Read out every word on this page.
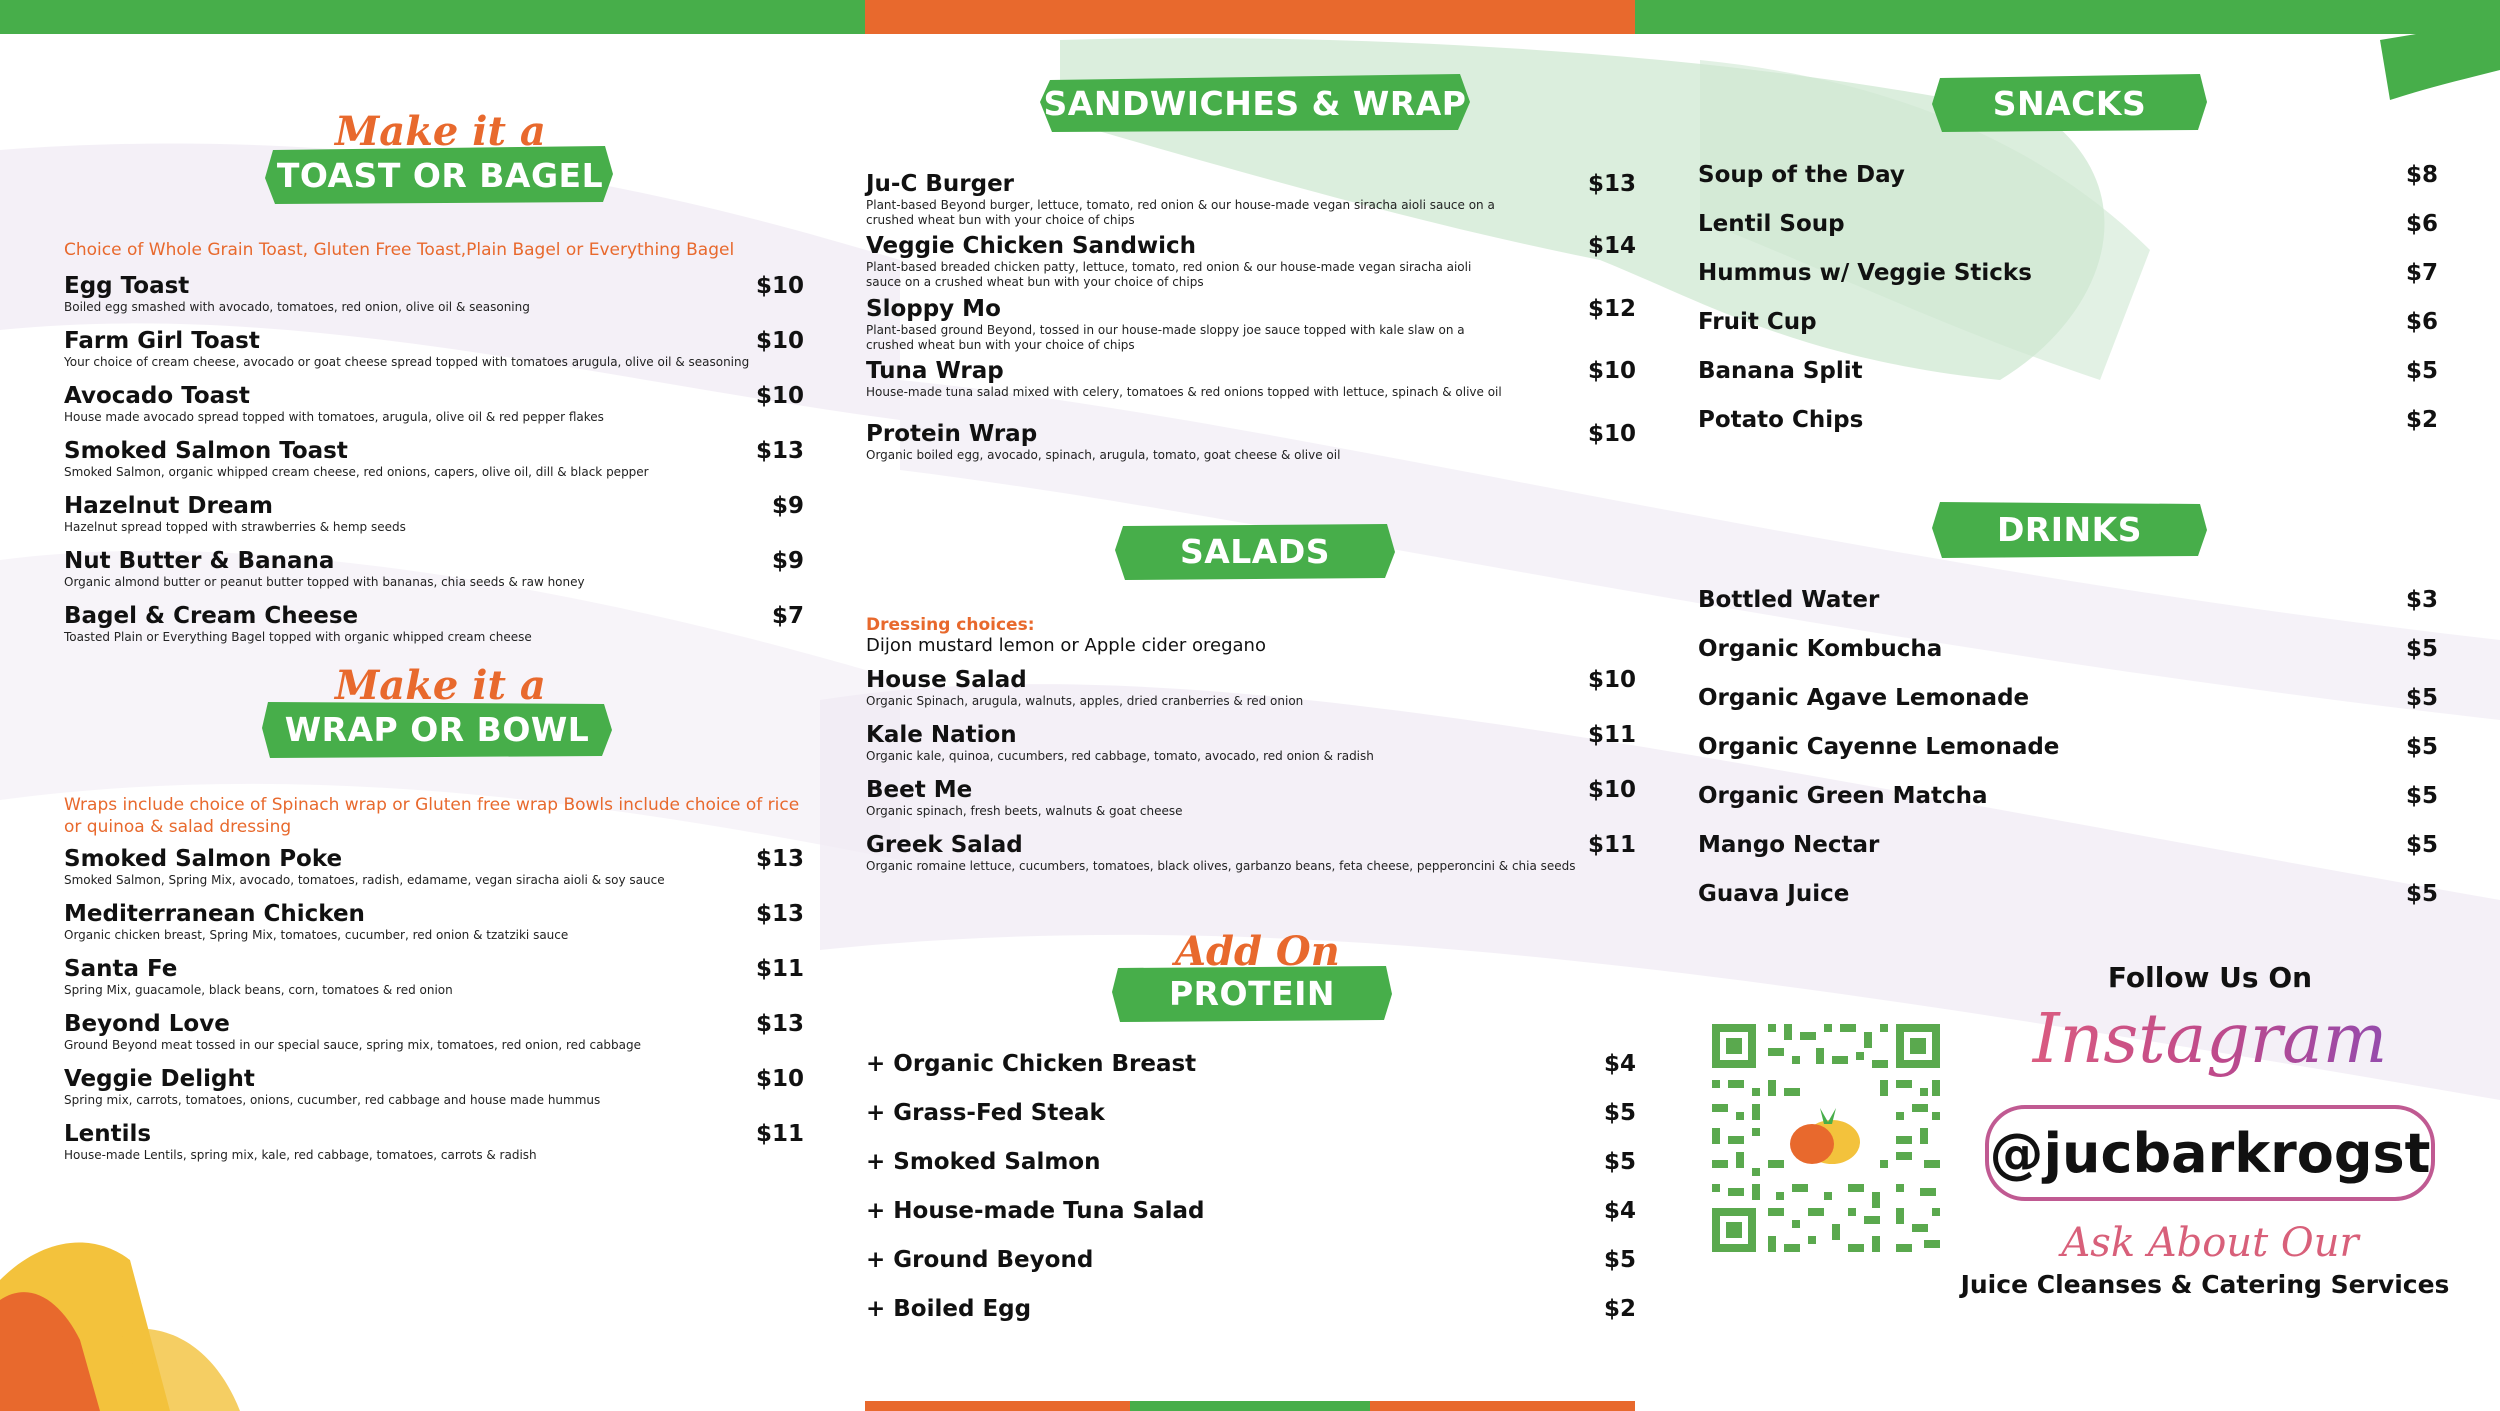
Make it a
TOAST OR BAGEL
Choice of Whole Grain Toast, Gluten Free Toast,Plain Bagel or Everything Bagel
Egg Toast
Boiled egg smashed with avocado, tomatoes, red onion, olive oil & seasoning
$10
Farm Girl Toast
Your choice of cream cheese, avocado or goat cheese spread topped with tomatoes arugula, olive oil & seasoning
$10
Avocado Toast
House made avocado spread topped with tomatoes, arugula, olive oil & red pepper flakes
$10
Smoked Salmon Toast
Smoked Salmon, organic whipped cream cheese, red onions, capers, olive oil, dill & black pepper
$13
Hazelnut Dream
Hazelnut spread topped with strawberries & hemp seeds
$9
Nut Butter & Banana
Organic almond butter or peanut butter topped with bananas, chia seeds & raw honey
$9
Bagel & Cream Cheese
Toasted Plain or Everything Bagel topped with organic whipped cream cheese
$7
Make it a
WRAP OR BOWL
Wraps include choice of Spinach wrap or Gluten free wrap Bowls include choice of rice or quinoa & salad dressing
Smoked Salmon Poke
Smoked Salmon, Spring Mix, avocado, tomatoes, radish, edamame, vegan siracha aioli & soy sauce
$13
Mediterranean Chicken
Organic chicken breast, Spring Mix, tomatoes, cucumber, red onion & tzatziki sauce
$13
Santa Fe
Spring Mix, guacamole, black beans, corn, tomatoes & red onion
$11
Beyond Love
Ground Beyond meat tossed in our special sauce, spring mix, tomatoes, red onion, red cabbage
$13
Veggie Delight
Spring mix, carrots, tomatoes, onions, cucumber, red cabbage and house made hummus
$10
Lentils
House-made Lentils, spring mix, kale, red cabbage, tomatoes, carrots & radish
$11
SANDWICHES & WRAP
Ju-C Burger
Plant-based Beyond burger, lettuce, tomato, red onion & our house-made vegan siracha aioli sauce on a crushed wheat bun with your choice of chips
$13
Veggie Chicken Sandwich
Plant-based breaded chicken patty, lettuce, tomato, red onion & our house-made vegan siracha aioli sauce on a crushed wheat bun with your choice of chips
$14
Sloppy Mo
Plant-based ground Beyond, tossed in our house-made sloppy joe sauce topped with kale slaw on a crushed wheat bun with your choice of chips
$12
Tuna Wrap
House-made tuna salad mixed with celery, tomatoes & red onions topped with lettuce, spinach & olive oil
$10
Protein Wrap
Organic boiled egg, avocado, spinach, arugula, tomato, goat cheese & olive oil
$10
SALADS
Dressing choices:
Dijon mustard lemon or Apple cider oregano
House Salad
Organic Spinach, arugula, walnuts, apples, dried cranberries & red onion
$10
Kale Nation
Organic kale, quinoa, cucumbers, red cabbage, tomato, avocado, red onion & radish
$11
Beet Me
Organic spinach, fresh beets, walnuts & goat cheese
$10
Greek Salad
Organic romaine lettuce, cucumbers, tomatoes, black olives, garbanzo beans, feta cheese, pepperoncini & chia seeds
$11
Add On
PROTEIN
+ Organic Chicken Breast	$4
+ Grass-Fed Steak	$5
+ Smoked Salmon	$5
+ House-made Tuna Salad	$4
+ Ground Beyond	$5
+ Boiled Egg	$2
SNACKS
Soup of the Day	$8
Lentil Soup	$6
Hummus w/ Veggie Sticks	$7
Fruit Cup	$6
Banana Split	$5
Potato Chips	$2
DRINKS
Bottled Water	$3
Organic Kombucha	$5
Organic Agave Lemonade	$5
Organic Cayenne Lemonade	$5
Organic Green Matcha	$5
Mango Nectar	$5
Guava Juice	$5
Follow Us On
Instagram
@jucbarkrogst
Ask About Our
Juice Cleanses & Catering Services
